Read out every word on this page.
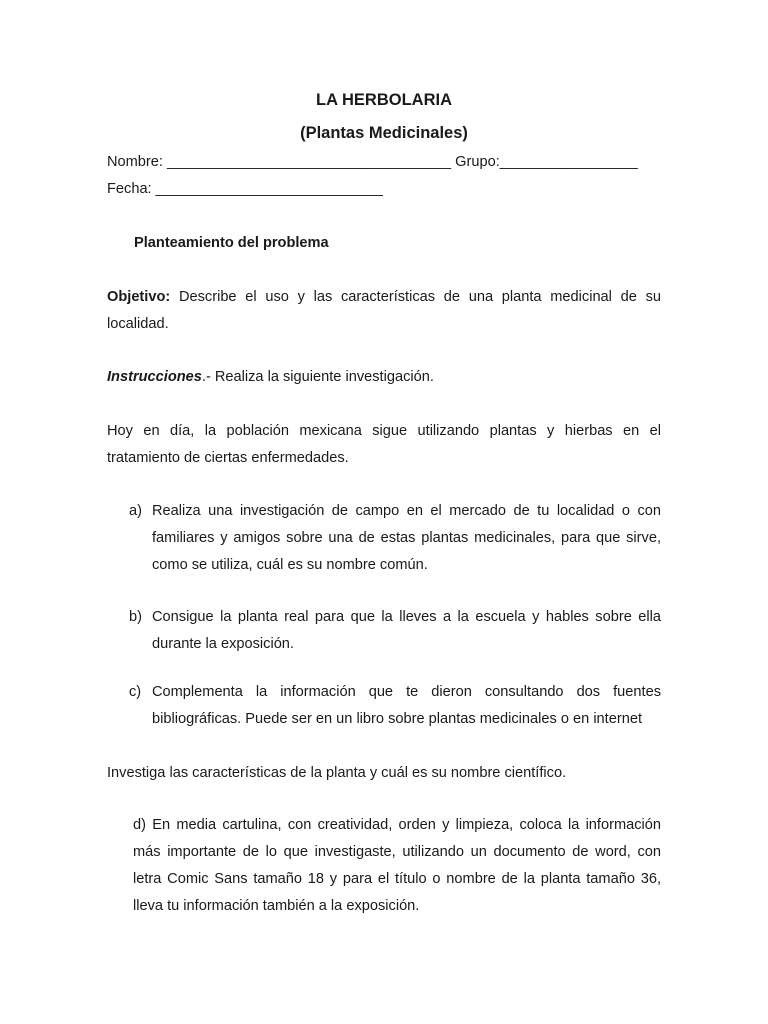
LA HERBOLARIA
(Plantas Medicinales)
Nombre: ___________________________________ Grupo:_________________
Fecha: ____________________________
Planteamiento del problema
Objetivo: Describe el uso y las características de una planta medicinal de su
localidad.
Instrucciones.- Realiza la siguiente investigación.
Hoy en día, la población mexicana sigue utilizando plantas y hierbas en el
tratamiento de ciertas enfermedades.
a) Realiza una investigación de campo en el mercado de tu localidad o con
familiares y amigos sobre una de estas plantas medicinales, para que sirve,
como se utiliza, cuál es su nombre común.
b) Consigue la planta real para que la lleves a la escuela y hables sobre ella
durante la exposición.
c) Complementa la información que te dieron consultando dos fuentes
bibliográficas. Puede ser en un libro sobre plantas medicinales o en internet
Investiga las características de la planta y cuál es su nombre científico.
d) En media cartulina, con creatividad, orden y limpieza, coloca la información
más importante de lo que investigaste, utilizando un documento de word, con
letra Comic Sans tamaño 18 y para el título o nombre de la planta tamaño 36,
lleva tu información también a la exposición.
